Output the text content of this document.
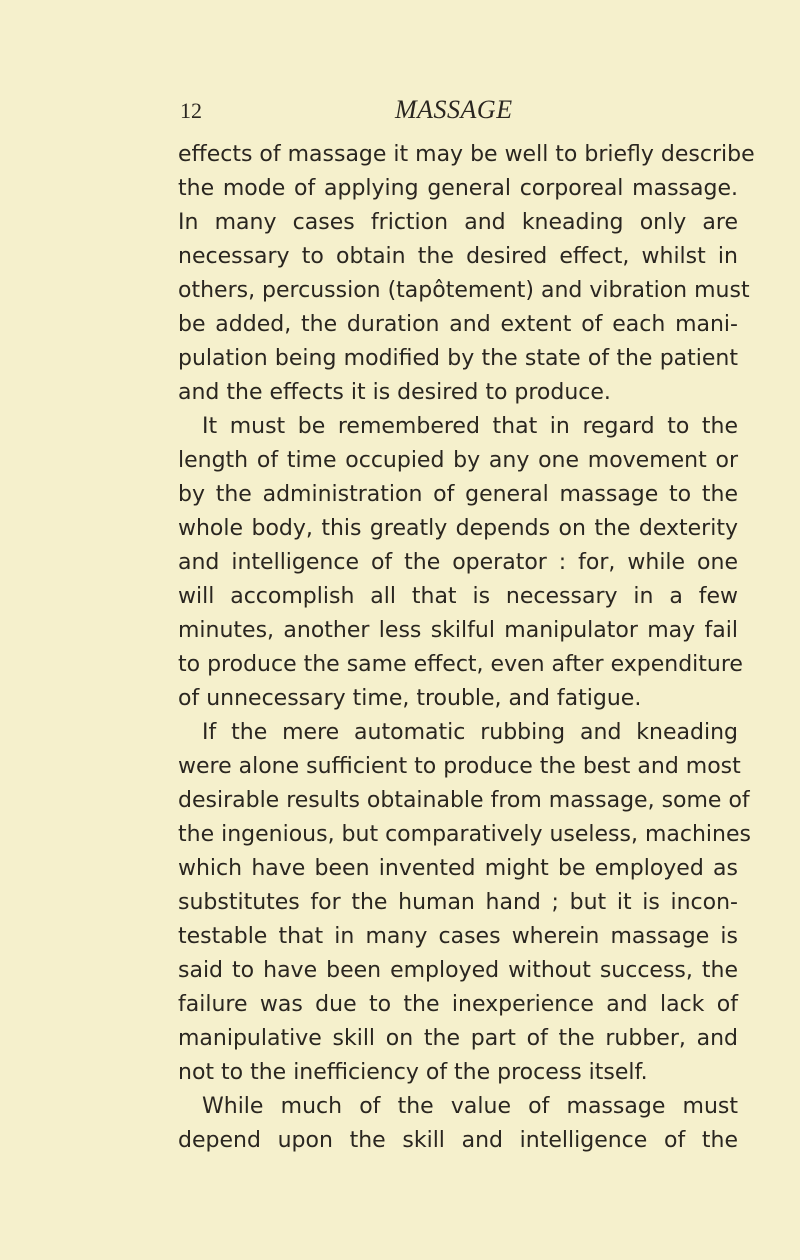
12	MASSAGE
effects of massage it may be well to briefly describe
the mode of applying general corporeal massage.
In many cases friction and kneading only are
necessary to obtain the desired effect, whilst in
others, percussion (tapôtement) and vibration must
be added, the duration and extent of each mani-
pulation being modified by the state of the patient
and the effects it is desired to produce.
It must be remembered that in regard to the
length of time occupied by any one movement or
by the administration of general massage to the
whole body, this greatly depends on the dexterity
and intelligence of the operator : for, while one
will accomplish all that is necessary in a few
minutes, another less skilful manipulator may fail
to produce the same effect, even after expenditure
of unnecessary time, trouble, and fatigue.
If the mere automatic rubbing and kneading
were alone sufficient to produce the best and most
desirable results obtainable from massage, some of
the ingenious, but comparatively useless, machines
which have been invented might be employed as
substitutes for the human hand ; but it is incon-
testable that in many cases wherein massage is
said to have been employed without success, the
failure was due to the inexperience and lack of
manipulative skill on the part of the rubber, and
not to the inefficiency of the process itself.
While much of the value of massage must
depend upon the skill and intelligence of the
